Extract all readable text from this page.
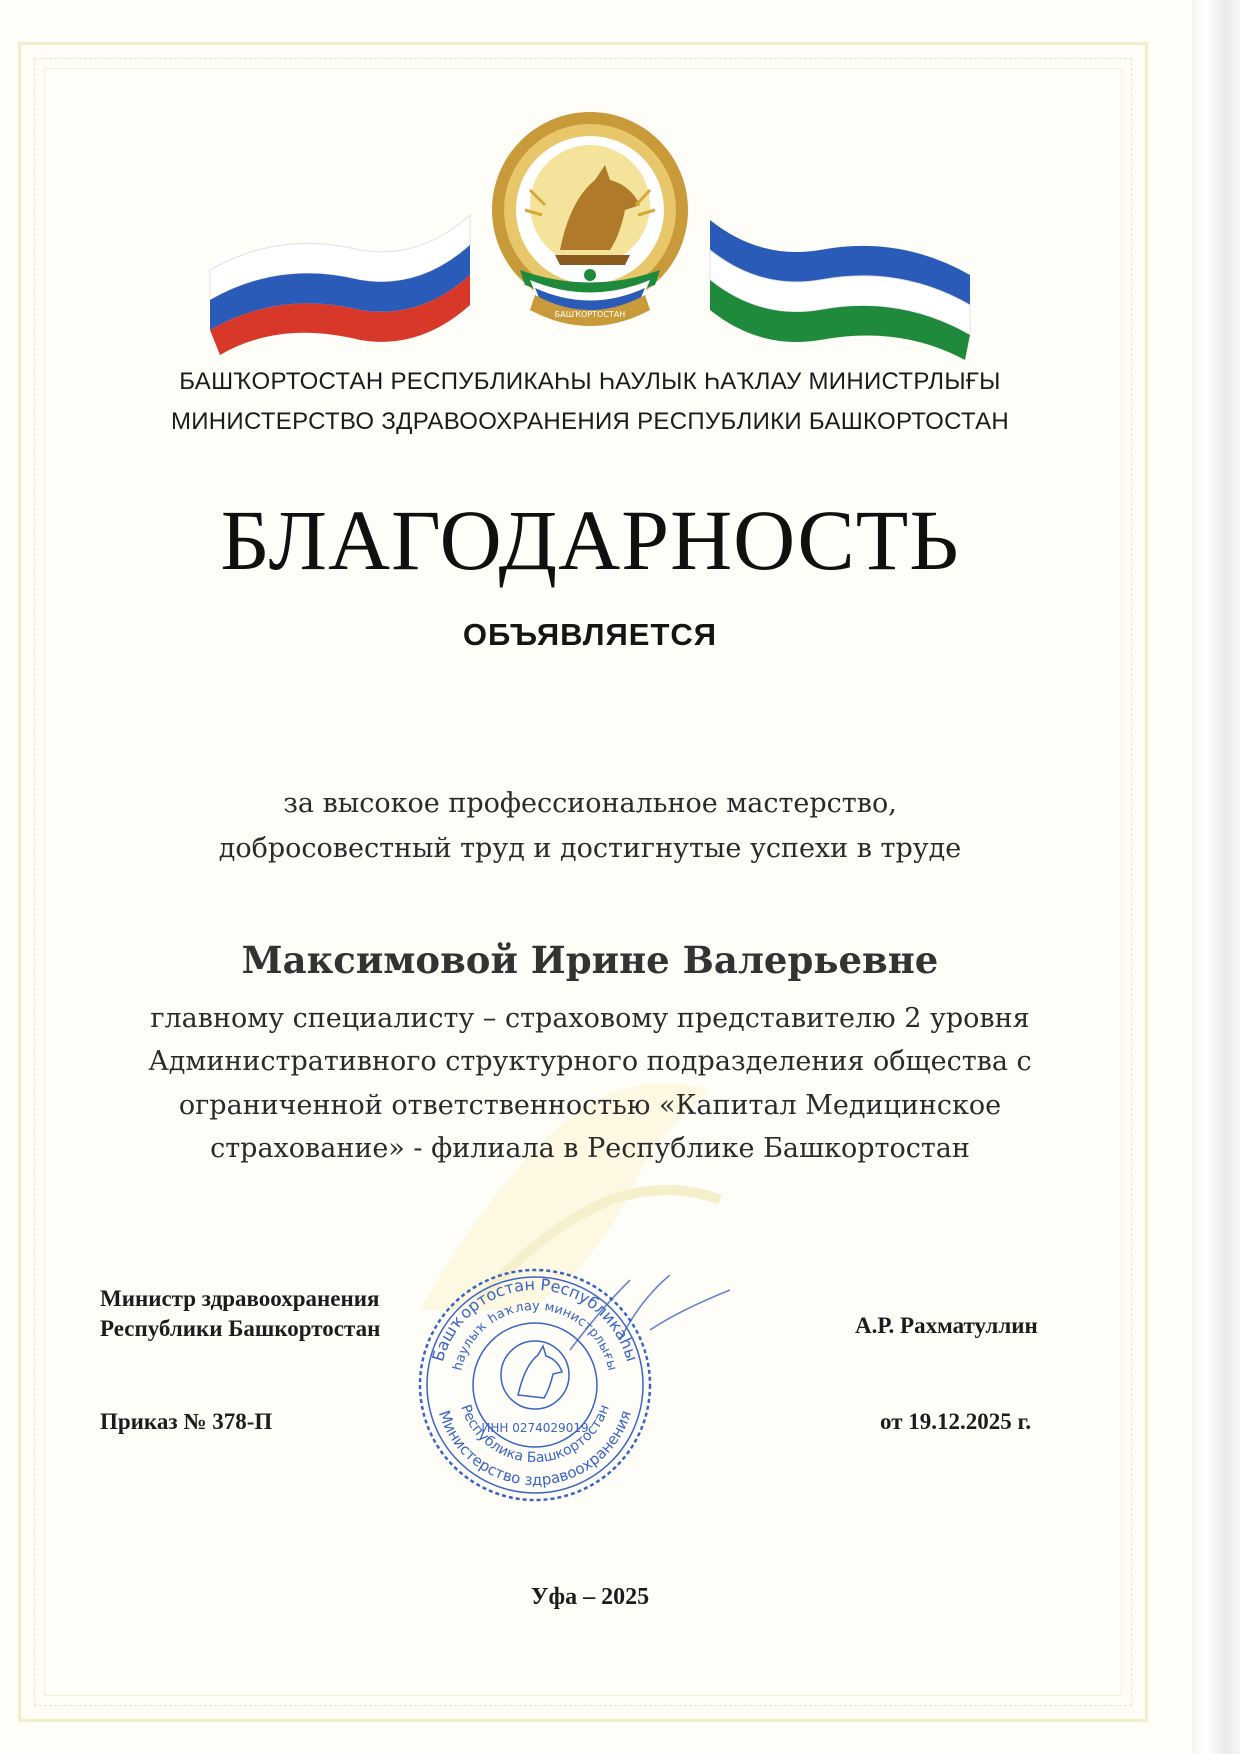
БАШҠОРТОСТАН
БАШҠОРТОСТАН РЕСПУБЛИКАҺЫ ҺАУЛЫК ҺАҠЛАУ МИНИСТРЛЫҒЫ
МИНИСТЕРСТВО ЗДРАВООХРАНЕНИЯ РЕСПУБЛИКИ БАШКОРТОСТАН
БЛАГОДАРНОСТЬ
ОБЪЯВЛЯЕТСЯ
за высокое профессиональное мастерство,
добросовестный труд и достигнутые успехи в труде
Максимовой Ирине Валерьевне
главному специалисту – страховому представителю 2 уровня
Административного структурного подразделения общества с
ограниченной ответственностью «Капитал Медицинское
страхование» - филиала в Республике Башкортостан
Министр здравоохранения
Республики Башкортостан	А.Р. Рахматуллин
Башҡортостан Республикаһы
һаулыҡ һаҡлау министрлығы
Министерство здравоохранения
Республика Башкортостан
ИНН 0274029019
Приказ № 378-П	от 19.12.2025 г.
Уфа – 2025
